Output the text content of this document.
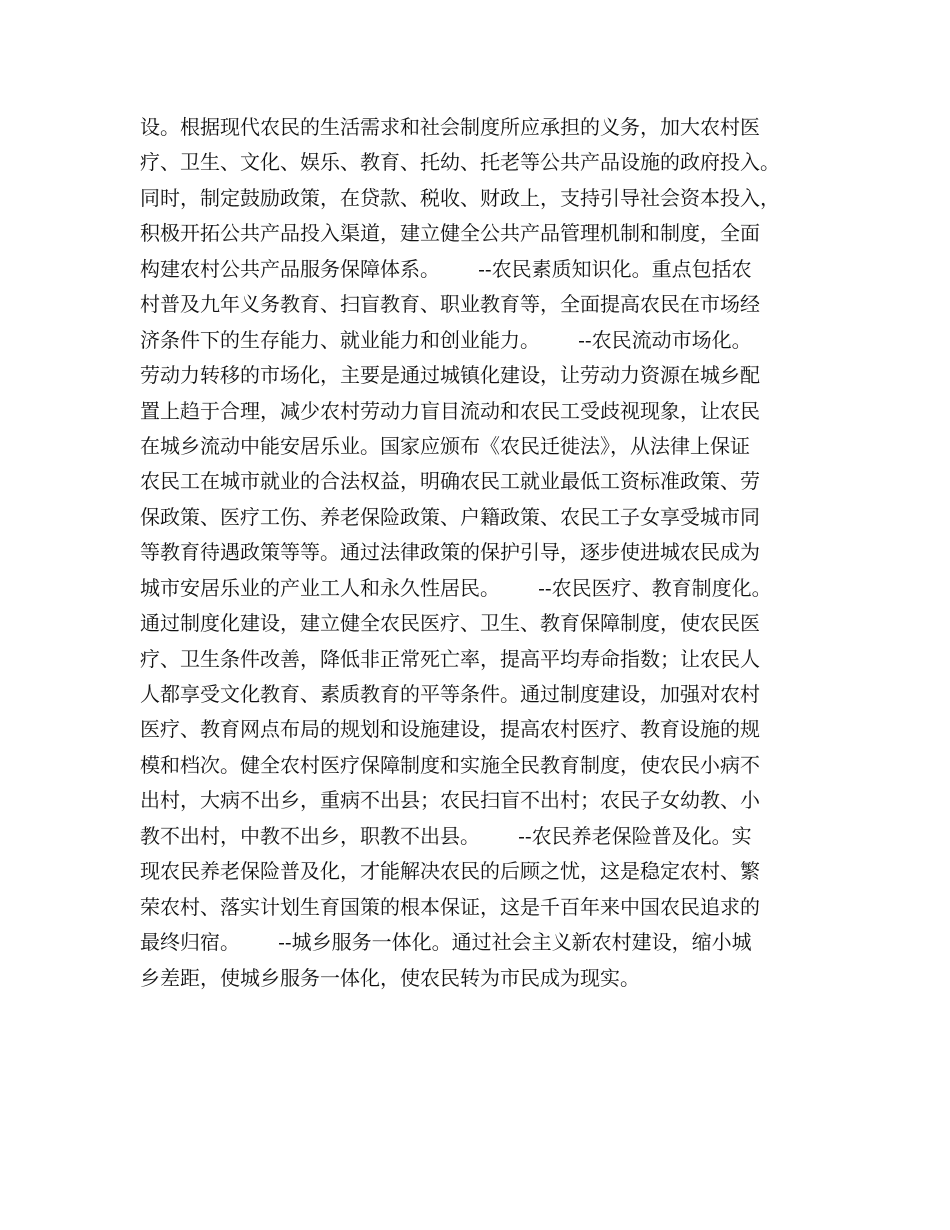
设。根据现代农民的生活需求和社会制度所应承担的义务，加大农村医
疗、卫生、文化、娱乐、教育、托幼、托老等公共产品设施的政府投入。
同时，制定鼓励政策，在贷款、税收、财政上，支持引导社会资本投入，
积极开拓公共产品投入渠道，建立健全公共产品管理机制和制度，全面
构建农村公共产品服务保障体系。      --农民素质知识化。重点包括农
村普及九年义务教育、扫盲教育、职业教育等，全面提高农民在市场经
济条件下的生存能力、就业能力和创业能力。      --农民流动市场化。
劳动力转移的市场化，主要是通过城镇化建设，让劳动力资源在城乡配
置上趋于合理，减少农村劳动力盲目流动和农民工受歧视现象，让农民
在城乡流动中能安居乐业。国家应颁布《农民迁徙法》，从法律上保证
农民工在城市就业的合法权益，明确农民工就业最低工资标准政策、劳
保政策、医疗工伤、养老保险政策、户籍政策、农民工子女享受城市同
等教育待遇政策等等。通过法律政策的保护引导，逐步使进城农民成为
城市安居乐业的产业工人和永久性居民。      --农民医疗、教育制度化。
通过制度化建设，建立健全农民医疗、卫生、教育保障制度，使农民医
疗、卫生条件改善，降低非正常死亡率，提高平均寿命指数；让农民人
人都享受文化教育、素质教育的平等条件。通过制度建设，加强对农村
医疗、教育网点布局的规划和设施建设，提高农村医疗、教育设施的规
模和档次。健全农村医疗保障制度和实施全民教育制度，使农民小病不
出村，大病不出乡，重病不出县；农民扫盲不出村；农民子女幼教、小
教不出村，中教不出乡，职教不出县。      --农民养老保险普及化。实
现农民养老保险普及化，才能解决农民的后顾之忧，这是稳定农村、繁
荣农村、落实计划生育国策的根本保证，这是千百年来中国农民追求的
最终归宿。      --城乡服务一体化。通过社会主义新农村建设，缩小城
乡差距，使城乡服务一体化，使农民转为市民成为现实。
